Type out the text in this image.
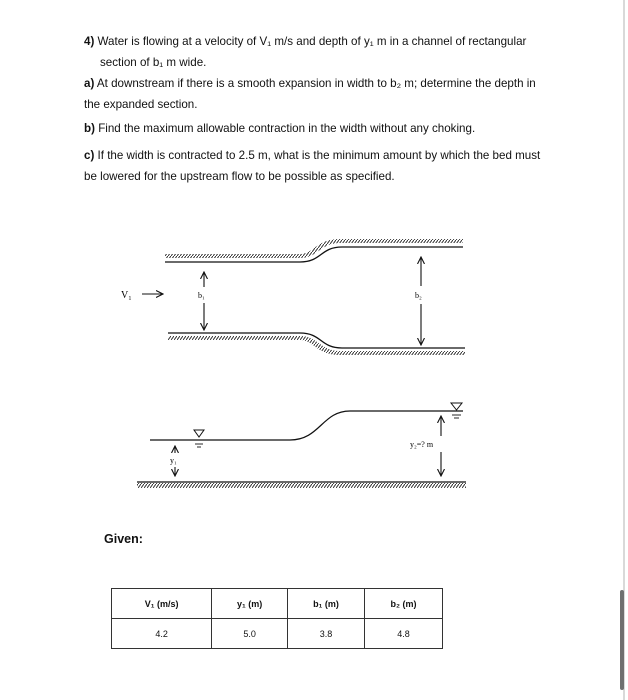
4) Water is flowing at a velocity of V₁ m/s and depth of y₁ m in a channel of rectangular
section of b₁ m wide.
a) At downstream if there is a smooth expansion in width to b₂ m; determine the depth in
the expanded section.
b) Find the maximum allowable contraction in the width without any choking.
c) If the width is contracted to 2.5 m, what is the minimum amount by which the bed must
be lowered for the upstream flow to be possible as specified.
V₁	b₁	b₂
y₁
y₂=? m
Given:
V₁ (m/s)	y₁ (m)	b₁ (m)	b₂ (m)
4.2	5.0	3.8	4.8
